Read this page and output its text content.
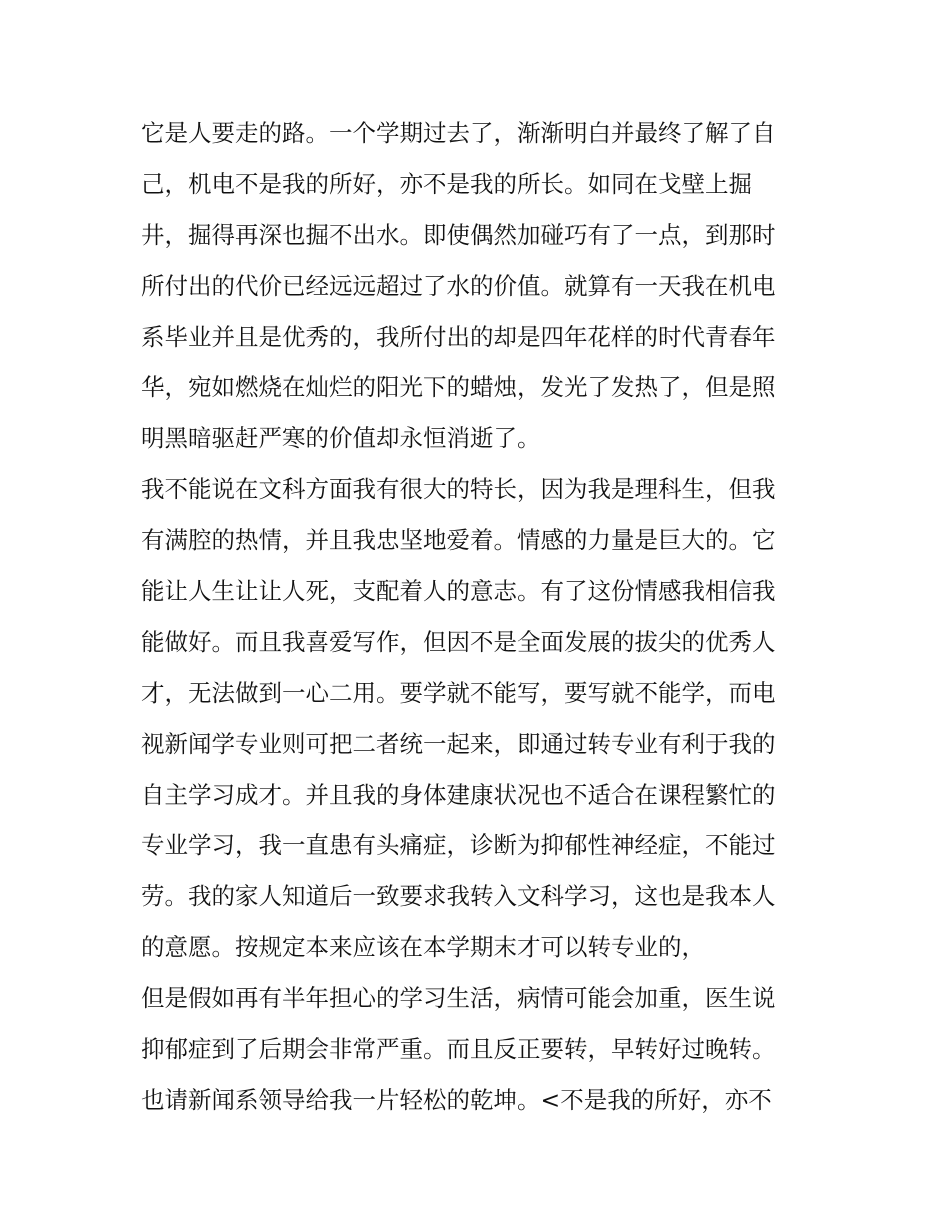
它是人要走的路。一个学期过去了，渐渐明白并最终了解了自
己，机电不是我的所好，亦不是我的所长。如同在戈壁上掘
井，掘得再深也掘不出水。即使偶然加碰巧有了一点，到那时
所付出的代价已经远远超过了水的价值。就算有一天我在机电
系毕业并且是优秀的，我所付出的却是四年花样的时代青春年
华，宛如燃烧在灿烂的阳光下的蜡烛，发光了发热了，但是照
明黑暗驱赶严寒的价值却永恒消逝了。
我不能说在文科方面我有很大的特长，因为我是理科生，但我
有满腔的热情，并且我忠坚地爱着。情感的力量是巨大的。它
能让人生让让人死，支配着人的意志。有了这份情感我相信我
能做好。而且我喜爱写作，但因不是全面发展的拔尖的优秀人
才，无法做到一心二用。要学就不能写，要写就不能学，而电
视新闻学专业则可把二者统一起来，即通过转专业有利于我的
自主学习成才。并且我的身体建康状况也不适合在课程繁忙的
专业学习，我一直患有头痛症，诊断为抑郁性神经症，不能过
劳。我的家人知道后一致要求我转入文科学习，这也是我本人
的意愿。按规定本来应该在本学期末才可以转专业的，
但是假如再有半年担心的学习生活，病情可能会加重，医生说
抑郁症到了后期会非常严重。而且反正要转，早转好过晚转。
也请新闻系领导给我一片轻松的乾坤。<不是我的所好，亦不
